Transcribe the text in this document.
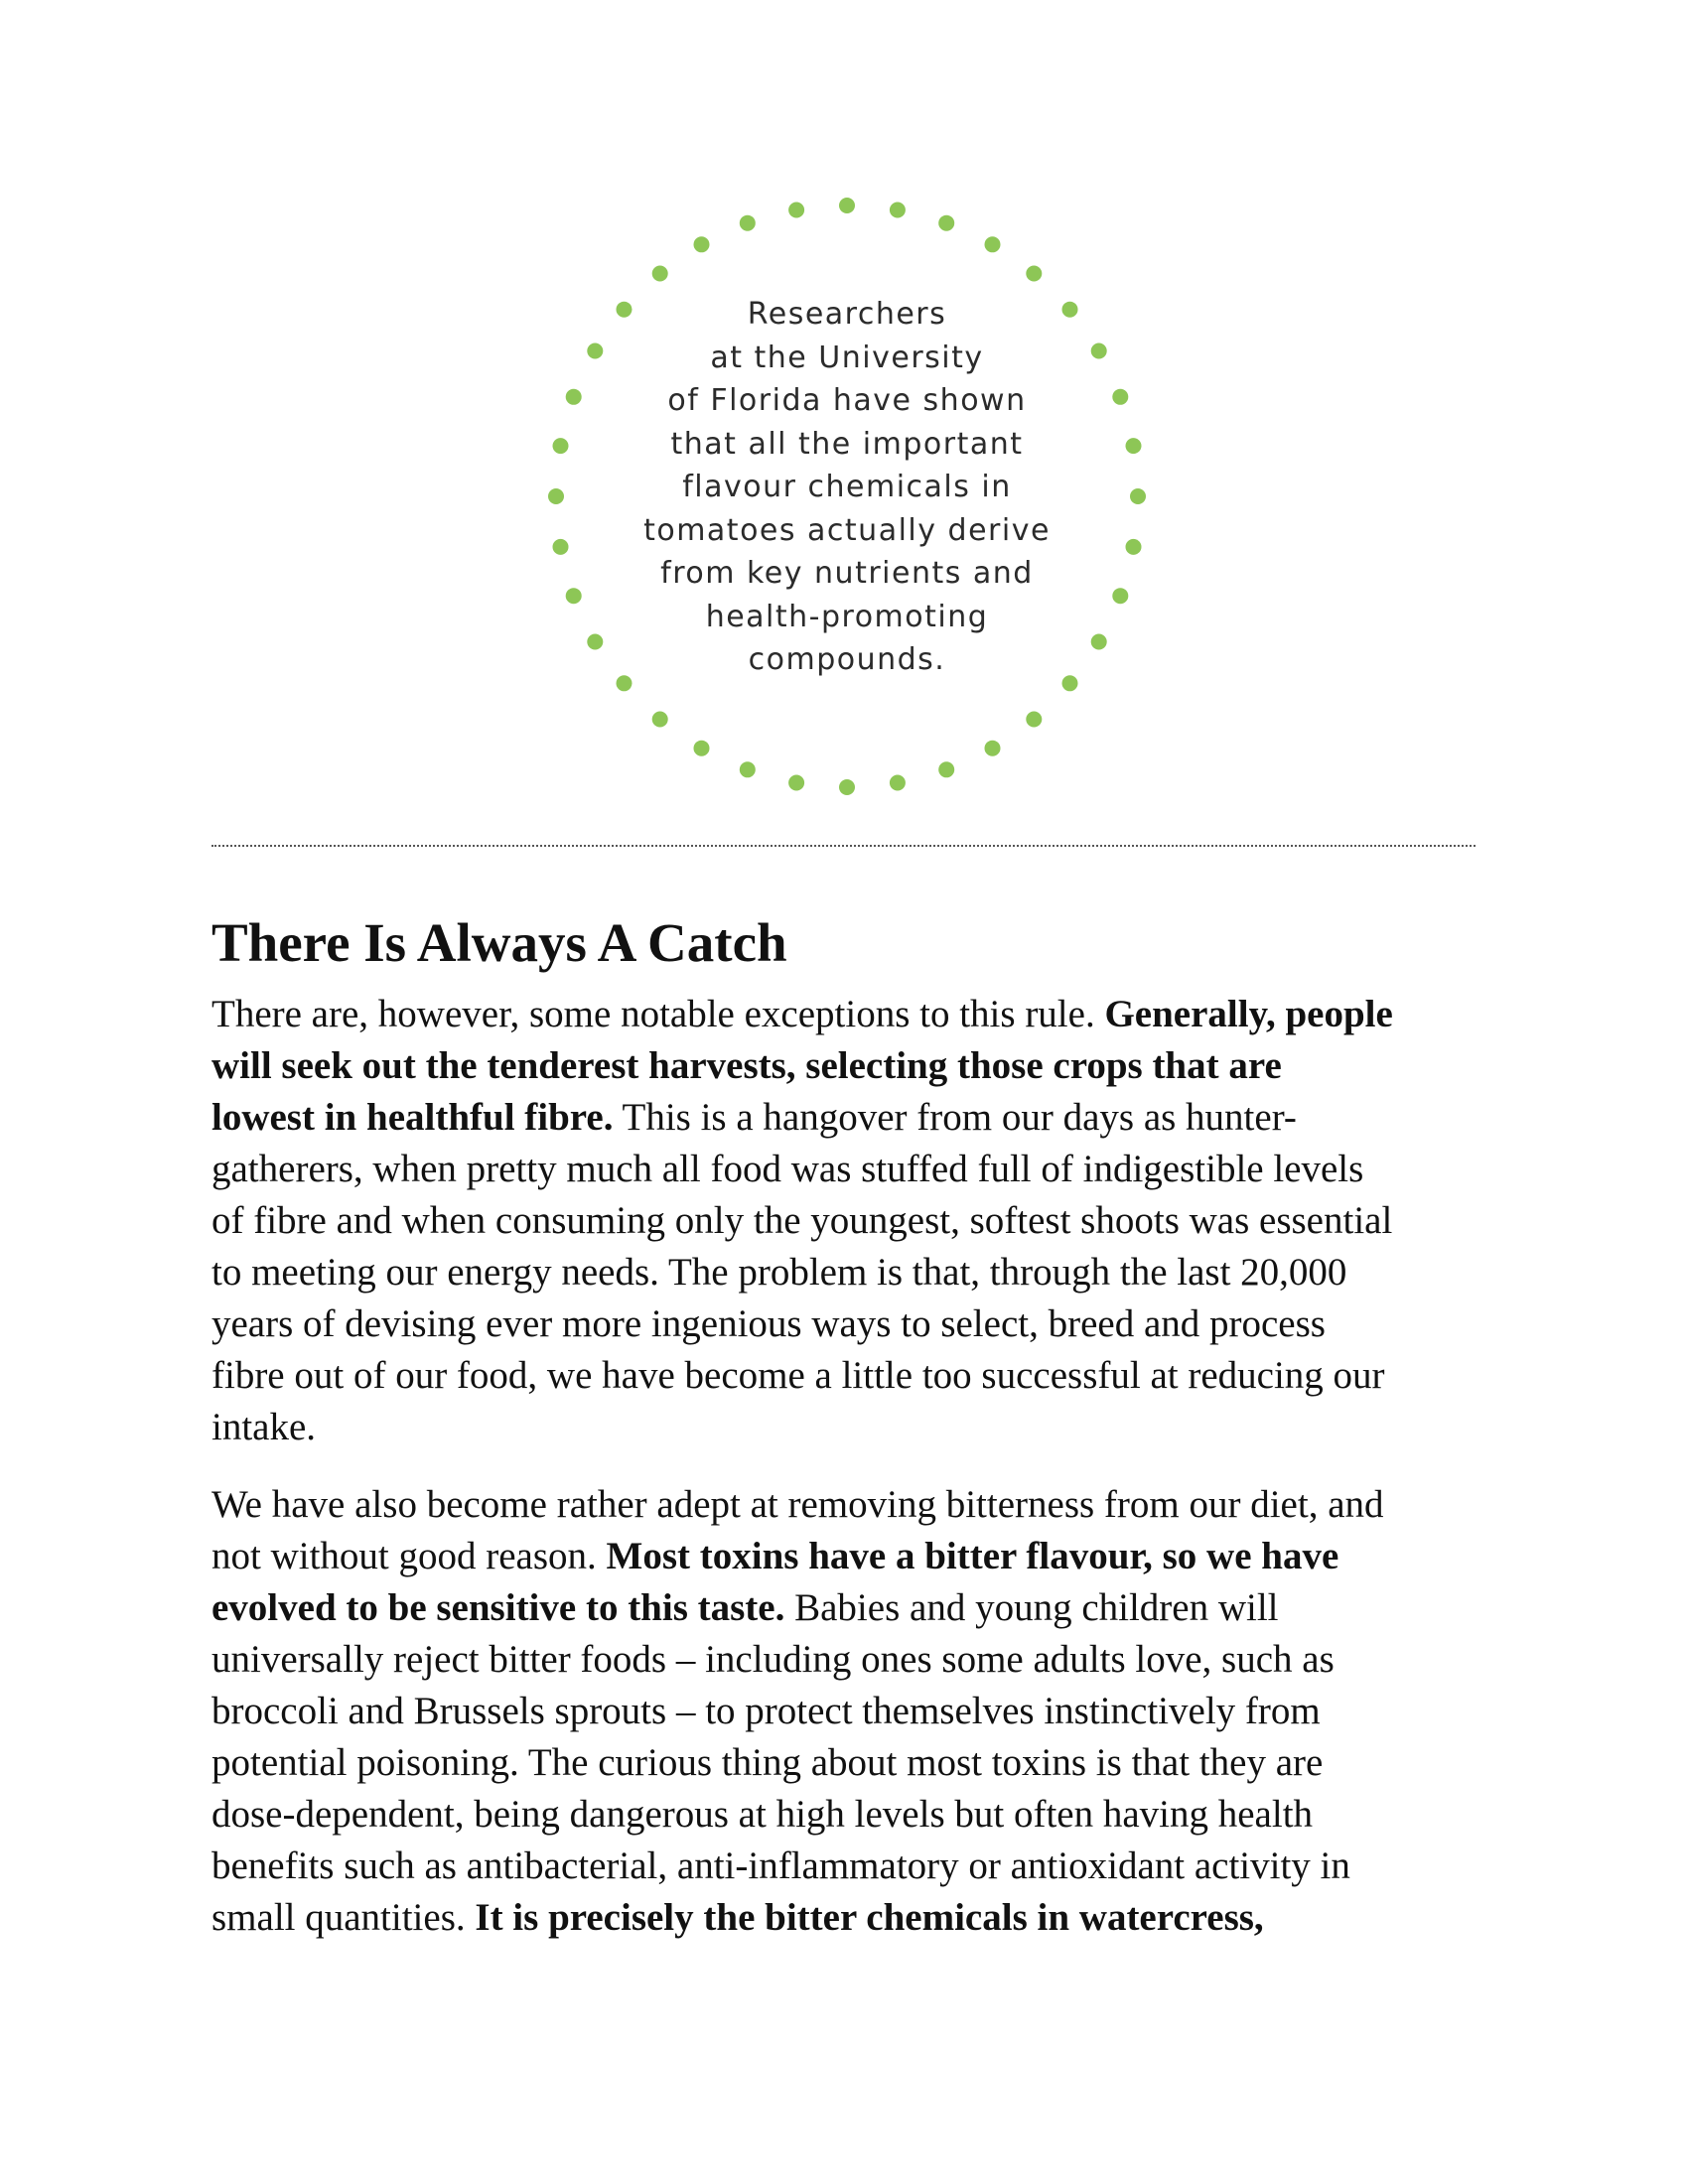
Researchers
at the University
of Florida have shown
that all the important
flavour chemicals in
tomatoes actually derive
from key nutrients and
health-promoting
compounds.

There Is Always A Catch

There are, however, some notable exceptions to this rule. Generally, people
will seek out the tenderest harvests, selecting those crops that are
lowest in healthful fibre. This is a hangover from our days as hunter-
gatherers, when pretty much all food was stuffed full of indigestible levels
of fibre and when consuming only the youngest, softest shoots was essential
to meeting our energy needs. The problem is that, through the last 20,000
years of devising ever more ingenious ways to select, breed and process
fibre out of our food, we have become a little too successful at reducing our
intake.

We have also become rather adept at removing bitterness from our diet, and
not without good reason. Most toxins have a bitter flavour, so we have
evolved to be sensitive to this taste. Babies and young children will
universally reject bitter foods – including ones some adults love, such as
broccoli and Brussels sprouts – to protect themselves instinctively from
potential poisoning. The curious thing about most toxins is that they are
dose-dependent, being dangerous at high levels but often having health
benefits such as antibacterial, anti-inflammatory or antioxidant activity in
small quantities. It is precisely the bitter chemicals in watercress,
